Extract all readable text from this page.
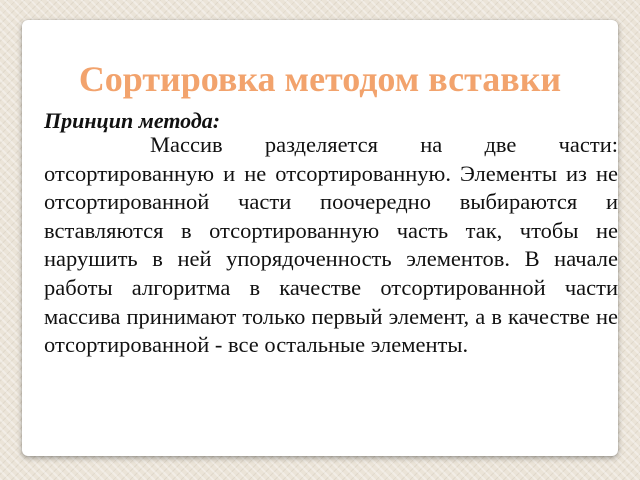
Сортировка методом вставки
Принцип метода:

Массив разделяется на две части: отсортированную и не отсортированную. Элементы из не отсортированной части поочередно выбираются и вставляются в отсортированную часть так, чтобы не нарушить в ней упорядоченность элементов. В начале работы алгоритма в качестве отсортированной части массива принимают только первый элемент, а в качестве не отсортированной - все остальные элементы.
